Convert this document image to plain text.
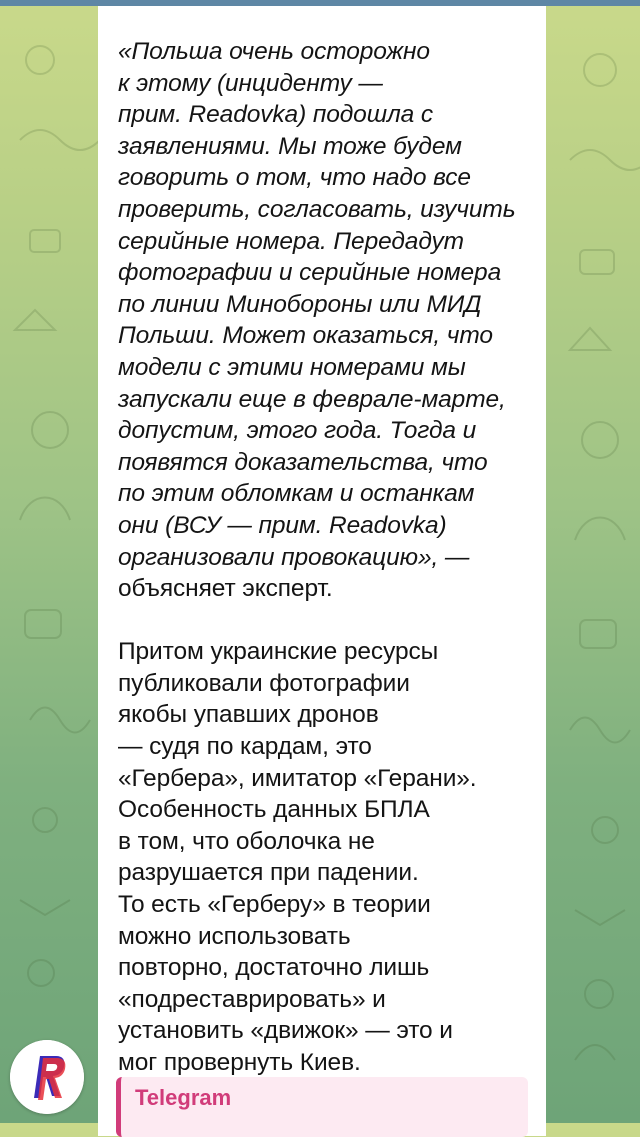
«Польша очень осторожно
к этому (инциденту —
прим. Readovka) подошла с
заявлениями. Мы тоже будем
говорить о том, что надо все
проверить, согласовать, изучить
серийные номера. Передадут
фотографии и серийные номера
по линии Минобороны или МИД
Польши. Может оказаться, что
модели с этими номерами мы
запускали еще в феврале-марте,
допустим, этого года. Тогда и
появятся доказательства, что
по этим обломкам и останкам
они (ВСУ — прим. Readovka)
организовали провокацию», —
объясняет эксперт.
Притом украинские ресурсы
публиковали фотографии
якобы упавших дронов
— судя по кардам, это
«Гербера», имитатор «Герани».
Особенность данных БПЛА
в том, что оболочка не
разрушается при падении.
То есть «Герберу» в теории
можно использовать
повторно, достаточно лишь
«подреставрировать» и
установить «движок» — это и
мог провернуть Киев.
Telegram
